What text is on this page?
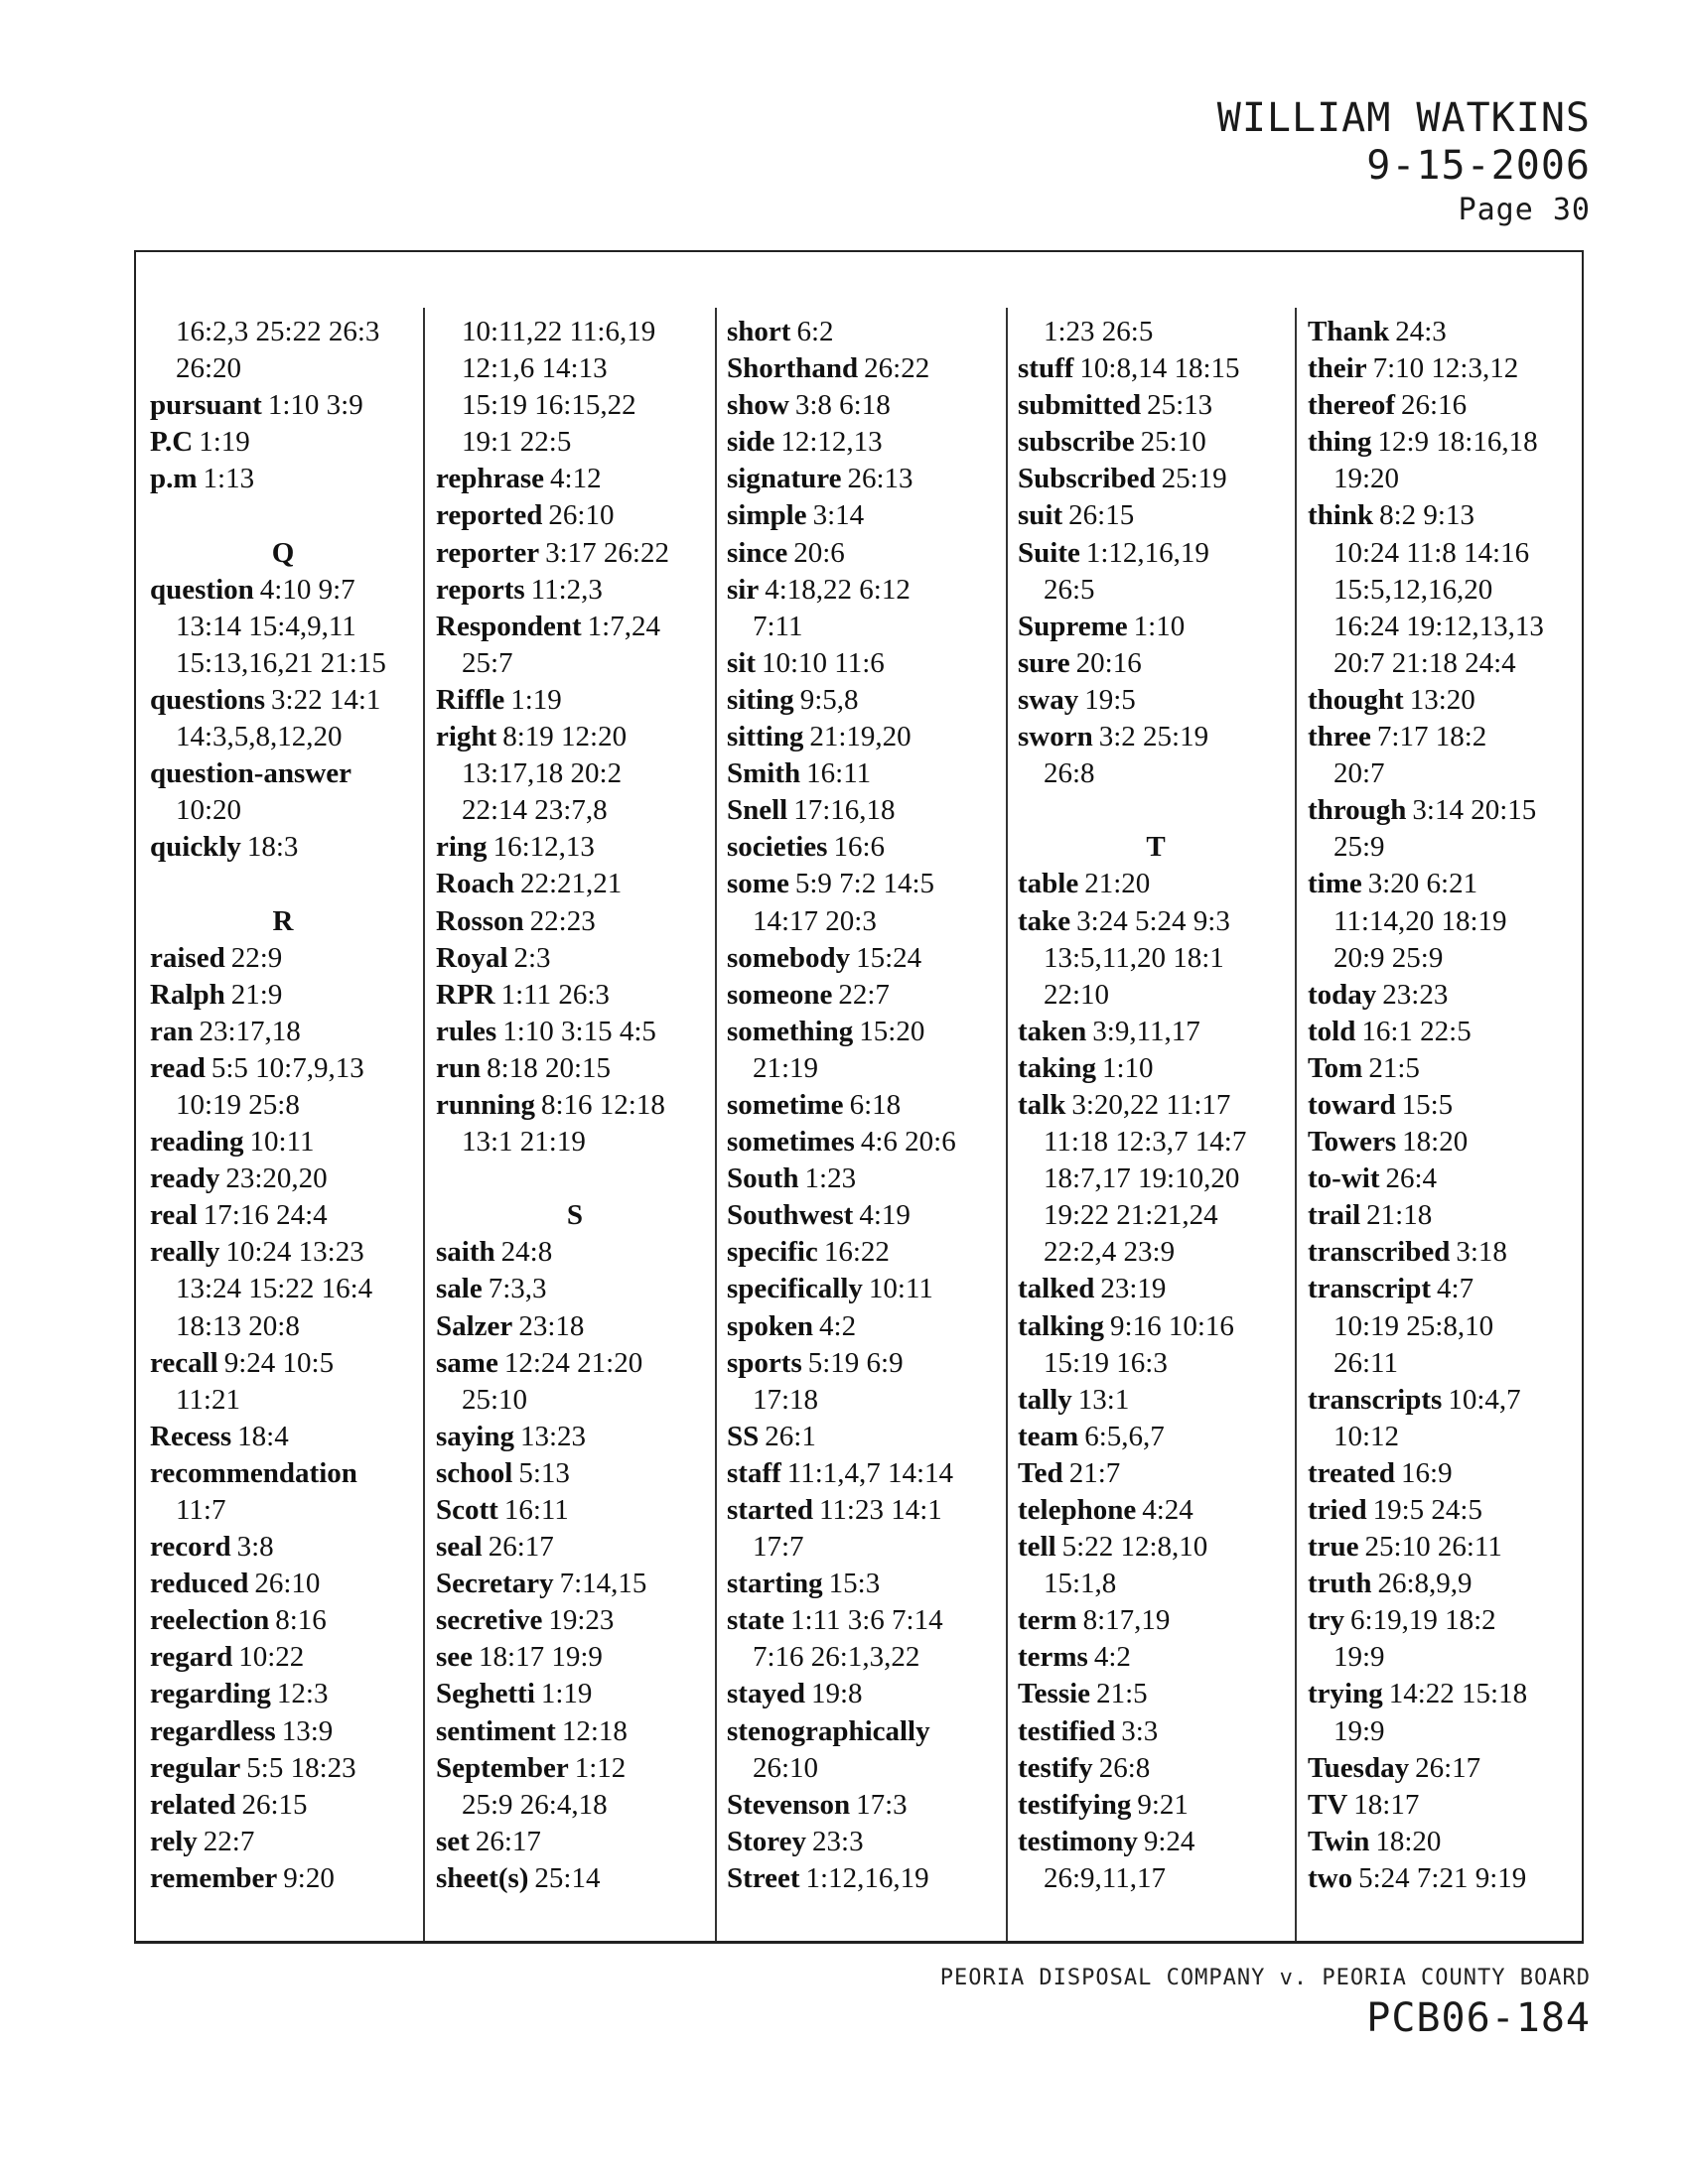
WILLIAM WATKINS
9-15-2006
Page 30
16:2,3 25:22 26:3
26:20
pursuant 1:10 3:9
P.C 1:19
p.m 1:13
Q
question 4:10 9:7
13:14 15:4,9,11
15:13,16,21 21:15
questions 3:22 14:1
14:3,5,8,12,20
question-answer
10:20
quickly 18:3
R
raised 22:9
Ralph 21:9
ran 23:17,18
read 5:5 10:7,9,13
10:19 25:8
reading 10:11
ready 23:20,20
real 17:16 24:4
really 10:24 13:23
13:24 15:22 16:4
18:13 20:8
recall 9:24 10:5
11:21
Recess 18:4
recommendation
11:7
record 3:8
reduced 26:10
reelection 8:16
regard 10:22
regarding 12:3
regardless 13:9
regular 5:5 18:23
related 26:15
rely 22:7
remember 9:20
10:11,22 11:6,19
12:1,6 14:13
15:19 16:15,22
19:1 22:5
rephrase 4:12
reported 26:10
reporter 3:17 26:22
reports 11:2,3
Respondent 1:7,24
25:7
Riffle 1:19
right 8:19 12:20
13:17,18 20:2
22:14 23:7,8
ring 16:12,13
Roach 22:21,21
Rosson 22:23
Royal 2:3
RPR 1:11 26:3
rules 1:10 3:15 4:5
run 8:18 20:15
running 8:16 12:18
13:1 21:19
S
saith 24:8
sale 7:3,3
Salzer 23:18
same 12:24 21:20
25:10
saying 13:23
school 5:13
Scott 16:11
seal 26:17
Secretary 7:14,15
secretive 19:23
see 18:17 19:9
Seghetti 1:19
sentiment 12:18
September 1:12
25:9 26:4,18
set 26:17
sheet(s) 25:14
short 6:2
Shorthand 26:22
show 3:8 6:18
side 12:12,13
signature 26:13
simple 3:14
since 20:6
sir 4:18,22 6:12
7:11
sit 10:10 11:6
siting 9:5,8
sitting 21:19,20
Smith 16:11
Snell 17:16,18
societies 16:6
some 5:9 7:2 14:5
14:17 20:3
somebody 15:24
someone 22:7
something 15:20
21:19
sometime 6:18
sometimes 4:6 20:6
South 1:23
Southwest 4:19
specific 16:22
specifically 10:11
spoken 4:2
sports 5:19 6:9
17:18
SS 26:1
staff 11:1,4,7 14:14
started 11:23 14:1
17:7
starting 15:3
state 1:11 3:6 7:14
7:16 26:1,3,22
stayed 19:8
stenographically
26:10
Stevenson 17:3
Storey 23:3
Street 1:12,16,19
1:23 26:5
stuff 10:8,14 18:15
submitted 25:13
subscribe 25:10
Subscribed 25:19
suit 26:15
Suite 1:12,16,19
26:5
Supreme 1:10
sure 20:16
sway 19:5
sworn 3:2 25:19
26:8
T
table 21:20
take 3:24 5:24 9:3
13:5,11,20 18:1
22:10
taken 3:9,11,17
taking 1:10
talk 3:20,22 11:17
11:18 12:3,7 14:7
18:7,17 19:10,20
19:22 21:21,24
22:2,4 23:9
talked 23:19
talking 9:16 10:16
15:19 16:3
tally 13:1
team 6:5,6,7
Ted 21:7
telephone 4:24
tell 5:22 12:8,10
15:1,8
term 8:17,19
terms 4:2
Tessie 21:5
testified 3:3
testify 26:8
testifying 9:21
testimony 9:24
26:9,11,17
Thank 24:3
their 7:10 12:3,12
thereof 26:16
thing 12:9 18:16,18
19:20
think 8:2 9:13
10:24 11:8 14:16
15:5,12,16,20
16:24 19:12,13,13
20:7 21:18 24:4
thought 13:20
three 7:17 18:2
20:7
through 3:14 20:15
25:9
time 3:20 6:21
11:14,20 18:19
20:9 25:9
today 23:23
told 16:1 22:5
Tom 21:5
toward 15:5
Towers 18:20
to-wit 26:4
trail 21:18
transcribed 3:18
transcript 4:7
10:19 25:8,10
26:11
transcripts 10:4,7
10:12
treated 16:9
tried 19:5 24:5
true 25:10 26:11
truth 26:8,9,9
try 6:19,19 18:2
19:9
trying 14:22 15:18
19:9
Tuesday 26:17
TV 18:17
Twin 18:20
two 5:24 7:21 9:19
PEORIA DISPOSAL COMPANY v. PEORIA COUNTY BOARD
PCB06-184
